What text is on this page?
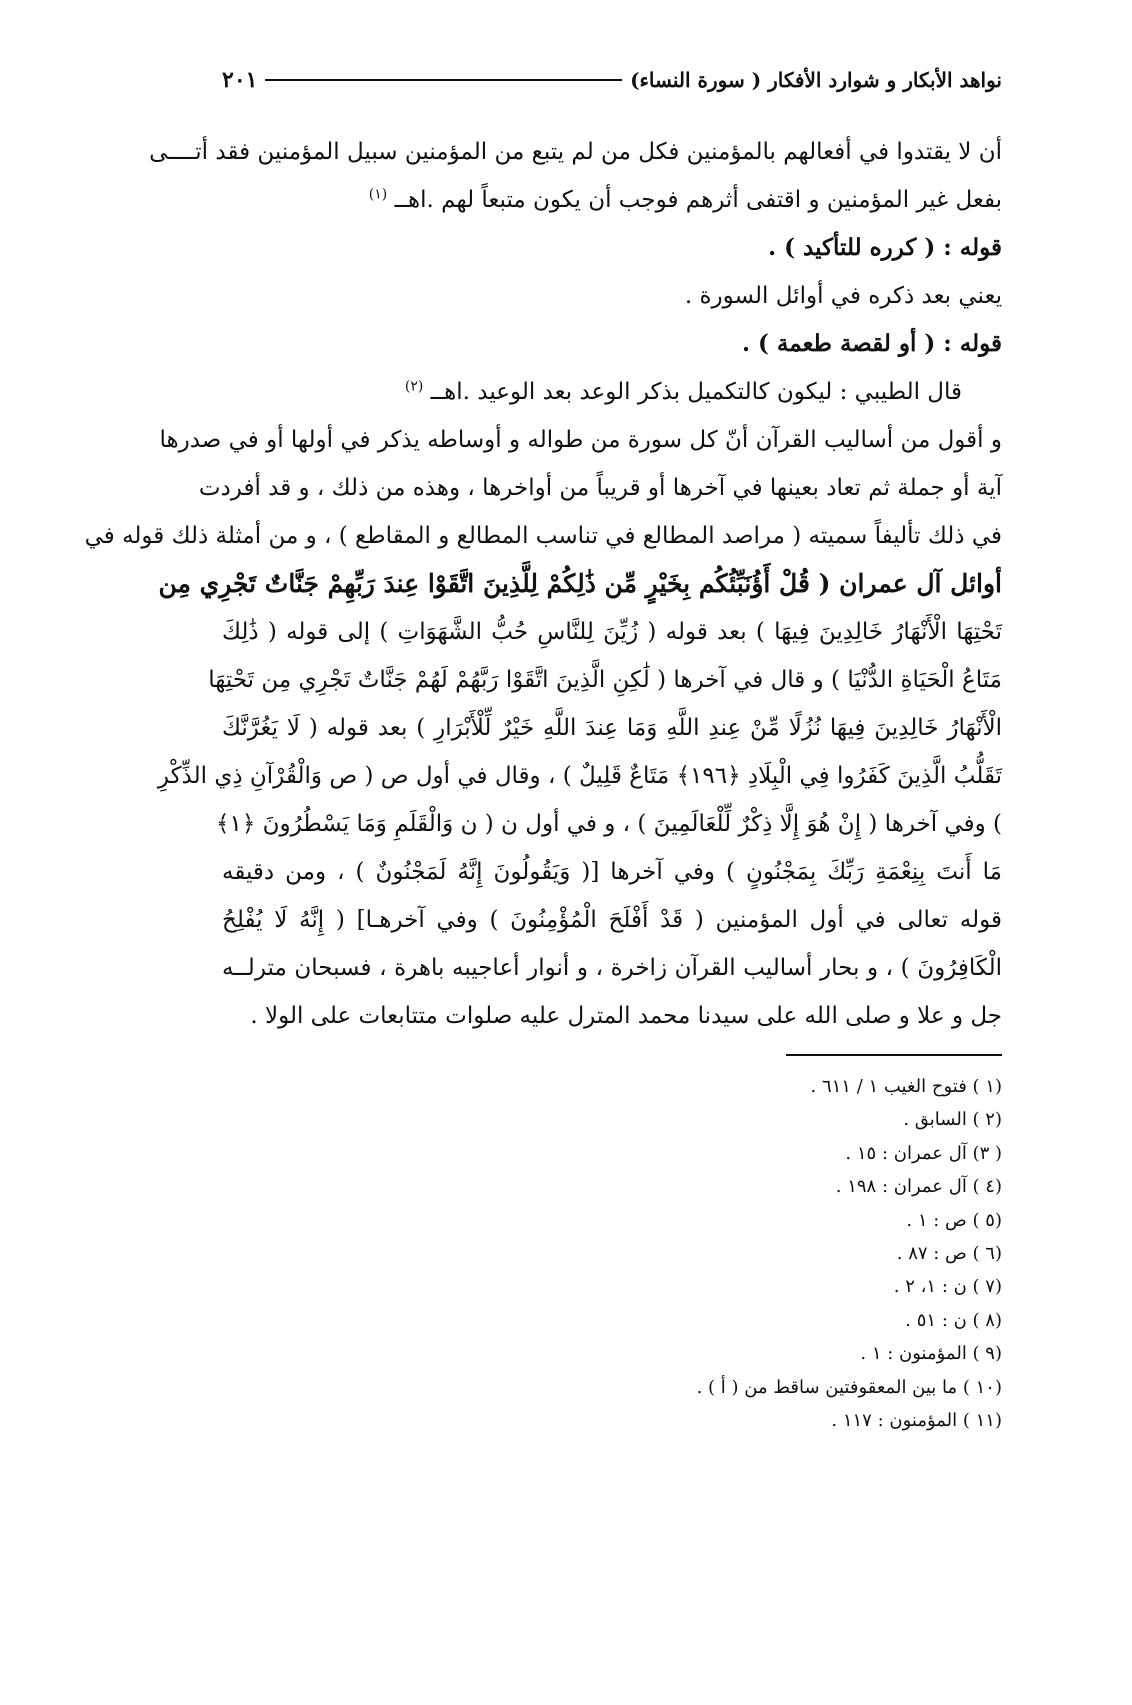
نواهد الأبكار و شوارد الأفكار ( سورة النساء)
٢٠١
أن لا يقتدوا في أفعالهم بالمؤمنين فكل من لم يتبع من المؤمنين سبيل المؤمنين فقد أتــــى
بفعل غير المؤمنين و اقتفى أثرهم فوجب أن يكون متبعاً لهم .اهــ $^{(١)}$
قوله : ( كرره للتأكيد ) .
يعني بعد ذكره في أوائل السورة .
قوله : ( أو لقصة طعمة ) .
قال الطيبي : ليكون كالتكميل بذكر الوعد بعد الوعيد .اهــ $^{(٢)}$
و أقول من أساليب القرآن أنّ كل سورة من طواله و أوساطه يذكر في أولها أو في صدرها
آية أو جملة ثم تعاد بعينها في آخرها أو قريباً من أواخرها ، وهذه من ذلك ، و قد أفردت
في ذلك تأليفاً سميته ( مراصد المطالع في تناسب المطالع و المقاطع ) ، و من أمثلة ذلك قوله في
أوائل آل عمران ( قُلْ أَؤُنَبِّئُكُم بِخَيْرٍ مِّن ذَٰلِكُمْ لِلَّذِينَ اتَّقَوْا عِندَ رَبِّهِمْ جَنَّاتٌ تَجْرِي مِن
تَحْتِهَا الْأَنْهَارُ خَالِدِينَ فِيهَا ) بعد قوله ( زُيِّنَ لِلنَّاسِ حُبُّ الشَّهَوَاتِ ) إلى قوله ( ذَٰلِكَ
مَتَاعُ الْحَيَاةِ الدُّنْيَا ) و قال في آخرها ( لَٰكِنِ الَّذِينَ اتَّقَوْا رَبَّهُمْ لَهُمْ جَنَّاتٌ تَجْرِي مِن تَحْتِهَا
الْأَنْهَارُ خَالِدِينَ فِيهَا نُزُلًا مِّنْ عِندِ اللَّهِ وَمَا عِندَ اللَّهِ خَيْرٌ لِّلْأَبْرَارِ ) بعد قوله ( لَا يَغُرَّنَّكَ
تَقَلُّبُ الَّذِينَ كَفَرُوا فِي الْبِلَادِ ﴿١٩٦﴾ مَتَاعٌ قَلِيلٌ ) ، وقال في أول ص ( ص وَالْقُرْآنِ ذِي الذِّكْرِ
) وفي آخرها ( إِنْ هُوَ إِلَّا ذِكْرٌ لِّلْعَالَمِينَ ) ، و في أول ن ( ن وَالْقَلَمِ وَمَا يَسْطُرُونَ ﴿١﴾
مَا أَنتَ بِنِعْمَةِ رَبِّكَ بِمَجْنُونٍ ) وفي آخرها [( وَيَقُولُونَ إِنَّهُ لَمَجْنُونٌ ) ، ومن دقيقه
قوله تعالى في أول المؤمنين ( قَدْ أَفْلَحَ الْمُؤْمِنُونَ ) وفي آخرهـا] ( إِنَّهُ لَا يُفْلِحُ
الْكَافِرُونَ ) ، و بحار أساليب القرآن زاخرة ، و أنوار أعاجيبه باهرة ، فسبحان مترلــه
جل و علا و صلى الله على سيدنا محمد المترل عليه صلوات متتابعات على الولا .
(١ ) فتوح الغيب ١ / ٦١١ .
(٢ ) السابق .
( ٣) آل عمران : ١٥ .
(٤ ) آل عمران : ١٩٨ .
(٥ ) ص : ١ .
(٦ ) ص : ٨٧ .
(٧ ) ن : ١، ٢ .
(٨ ) ن : ٥١ .
(٩ ) المؤمنون : ١ .
(١٠ ) ما بين المعقوفتين ساقط من ( أ ) .
(١١ ) المؤمنون : ١١٧ .
